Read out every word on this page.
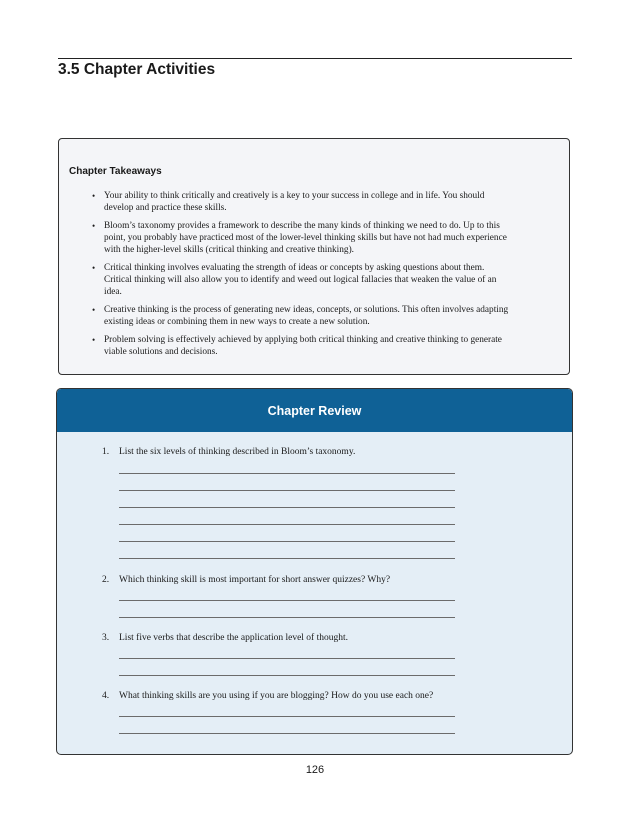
3.5 Chapter Activities
Chapter Takeaways
• Your ability to think critically and creatively is a key to your success in college and in life. You should
develop and practice these skills.
• Bloom’s taxonomy provides a framework to describe the many kinds of thinking we need to do. Up to this
point, you probably have practiced most of the lower-level thinking skills but have not had much experience
with the higher-level skills (critical thinking and creative thinking).
• Critical thinking involves evaluating the strength of ideas or concepts by asking questions about them.
Critical thinking will also allow you to identify and weed out logical fallacies that weaken the value of an
idea.
• Creative thinking is the process of generating new ideas, concepts, or solutions. This often involves adapting
existing ideas or combining them in new ways to create a new solution.
• Problem solving is effectively achieved by applying both critical thinking and creative thinking to generate
viable solutions and decisions.
Chapter Review
1. List the six levels of thinking described in Bloom’s taxonomy.
2. Which thinking skill is most important for short answer quizzes? Why?
3. List five verbs that describe the application level of thought.
4. What thinking skills are you using if you are blogging? How do you use each one?
126
